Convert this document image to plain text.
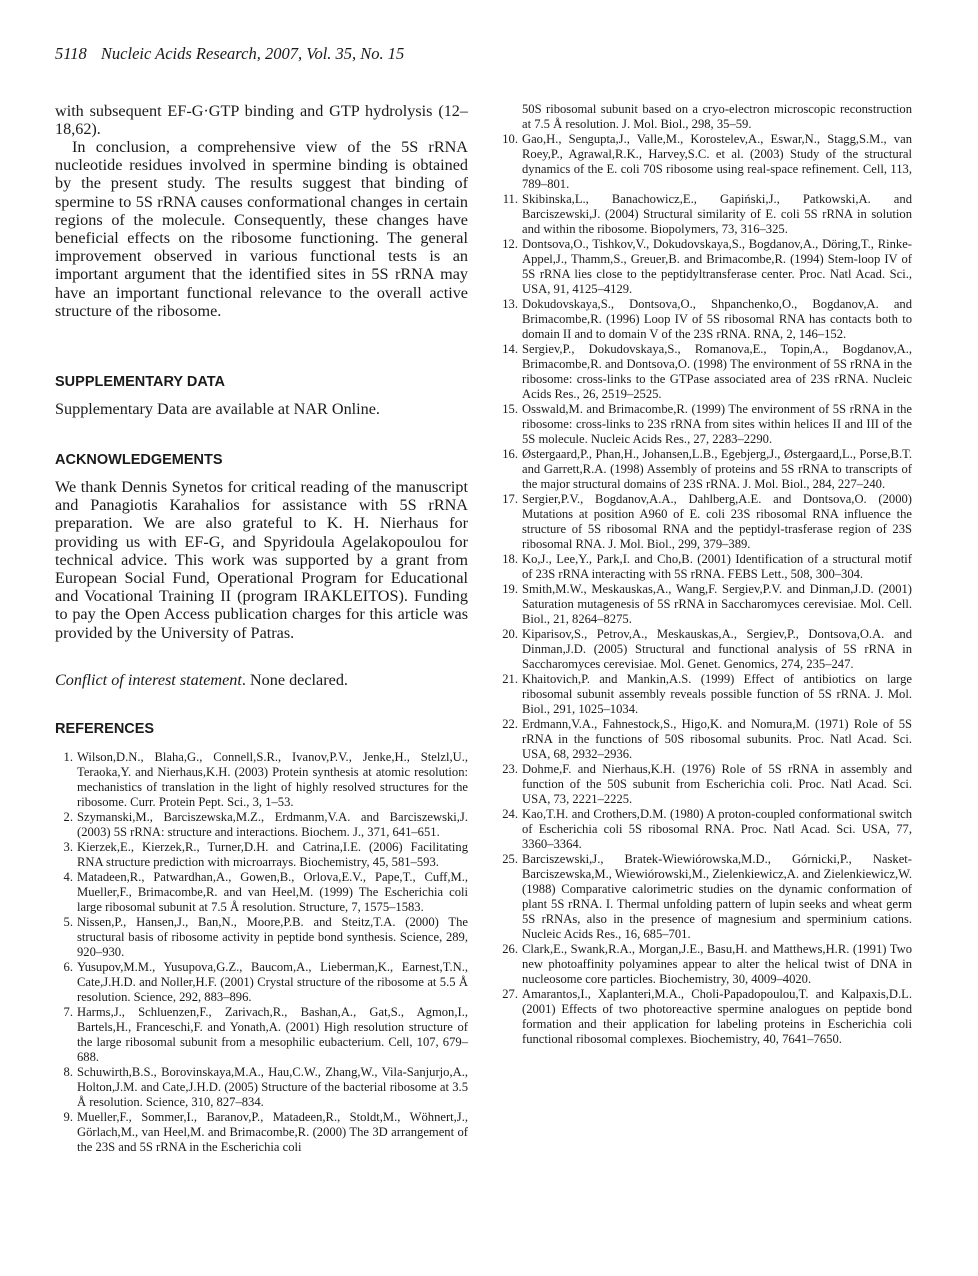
5118 Nucleic Acids Research, 2007, Vol. 35, No. 15

with subsequent EF-G·GTP binding and GTP hydrolysis (12–18,62).

In conclusion, a comprehensive view of the 5S rRNA nucleotide residues involved in spermine binding is obtained by the present study. The results suggest that binding of spermine to 5S rRNA causes conformational changes in certain regions of the molecule. Consequently, these changes have beneficial effects on the ribosome functioning. The general improvement observed in various functional tests is an important argument that the identified sites in 5S rRNA may have an important functional relevance to the overall active structure of the ribosome.

SUPPLEMENTARY DATA

Supplementary Data are available at NAR Online.

ACKNOWLEDGEMENTS

We thank Dennis Synetos for critical reading of the manuscript and Panagiotis Karahalios for assistance with 5S rRNA preparation. We are also grateful to K. H. Nierhaus for providing us with EF-G, and Spyridoula Agelakopoulou for technical advice. This work was supported by a grant from European Social Fund, Operational Program for Educational and Vocational Training II (program IRAKLEITOS). Funding to pay the Open Access publication charges for this article was provided by the University of Patras.

Conflict of interest statement. None declared.

REFERENCES
1. Wilson,D.N., Blaha,G., Connell,S.R., Ivanov,P.V., Jenke,H., Stelzl,U., Teraoka,Y. and Nierhaus,K.H. (2003) Protein synthesis at atomic resolution: mechanistics of translation in the light of highly resolved structures for the ribosome. Curr. Protein Pept. Sci., 3, 1–53.
2. Szymanski,M., Barciszewska,M.Z., Erdmanm,V.A. and Barciszewski,J. (2003) 5S rRNA: structure and interactions. Biochem. J., 371, 641–651.
3. Kierzek,E., Kierzek,R., Turner,D.H. and Catrina,I.E. (2006) Facilitating RNA structure prediction with microarrays. Biochemistry, 45, 581–593.
4. Matadeen,R., Patwardhan,A., Gowen,B., Orlova,E.V., Pape,T., Cuff,M., Mueller,F., Brimacombe,R. and van Heel,M. (1999) The Escherichia coli large ribosomal subunit at 7.5 Å resolution. Structure, 7, 1575–1583.
5. Nissen,P., Hansen,J., Ban,N., Moore,P.B. and Steitz,T.A. (2000) The structural basis of ribosome activity in peptide bond synthesis. Science, 289, 920–930.
6. Yusupov,M.M., Yusupova,G.Z., Baucom,A., Lieberman,K., Earnest,T.N., Cate,J.H.D. and Noller,H.F. (2001) Crystal structure of the ribosome at 5.5 Å resolution. Science, 292, 883–896.
7. Harms,J., Schluenzen,F., Zarivach,R., Bashan,A., Gat,S., Agmon,I., Bartels,H., Franceschi,F. and Yonath,A. (2001) High resolution structure of the large ribosomal subunit from a mesophilic eubacterium. Cell, 107, 679–688.
8. Schuwirth,B.S., Borovinskaya,M.A., Hau,C.W., Zhang,W., Vila-Sanjurjo,A., Holton,J.M. and Cate,J.H.D. (2005) Structure of the bacterial ribosome at 3.5 Å resolution. Science, 310, 827–834.
9. Mueller,F., Sommer,I., Baranov,P., Matadeen,R., Stoldt,M., Wöhnert,J., Görlach,M., van Heel,M. and Brimacombe,R. (2000) The 3D arrangement of the 23S and 5S rRNA in the Escherichia coli
50S ribosomal subunit based on a cryo-electron microscopic reconstruction at 7.5 Å resolution. J. Mol. Biol., 298, 35–59.
10. Gao,H., Sengupta,J., Valle,M., Korostelev,A., Eswar,N., Stagg,S.M., van Roey,P., Agrawal,R.K., Harvey,S.C. et al. (2003) Study of the structural dynamics of the E. coli 70S ribosome using real-space refinement. Cell, 113, 789–801.
11. Skibinska,L., Banachowicz,E., Gapiński,J., Patkowski,A. and Barciszewski,J. (2004) Structural similarity of E. coli 5S rRNA in solution and within the ribosome. Biopolymers, 73, 316–325.
12. Dontsova,O., Tishkov,V., Dokudovskaya,S., Bogdanov,A., Döring,T., Rinke-Appel,J., Thamm,S., Greuer,B. and Brimacombe,R. (1994) Stem-loop IV of 5S rRNA lies close to the peptidyltransferase center. Proc. Natl Acad. Sci., USA, 91, 4125–4129.
13. Dokudovskaya,S., Dontsova,O., Shpanchenko,O., Bogdanov,A. and Brimacombe,R. (1996) Loop IV of 5S ribosomal RNA has contacts both to domain II and to domain V of the 23S rRNA. RNA, 2, 146–152.
14. Sergiev,P., Dokudovskaya,S., Romanova,E., Topin,A., Bogdanov,A., Brimacombe,R. and Dontsova,O. (1998) The environment of 5S rRNA in the ribosome: cross-links to the GTPase associated area of 23S rRNA. Nucleic Acids Res., 26, 2519–2525.
15. Osswald,M. and Brimacombe,R. (1999) The environment of 5S rRNA in the ribosome: cross-links to 23S rRNA from sites within helices II and III of the 5S molecule. Nucleic Acids Res., 27, 2283–2290.
16. Østergaard,P., Phan,H., Johansen,L.B., Egebjerg,J., Østergaard,L., Porse,B.T. and Garrett,R.A. (1998) Assembly of proteins and 5S rRNA to transcripts of the major structural domains of 23S rRNA. J. Mol. Biol., 284, 227–240.
17. Sergier,P.V., Bogdanov,A.A., Dahlberg,A.E. and Dontsova,O. (2000) Mutations at position A960 of E. coli 23S ribosomal RNA influence the structure of 5S ribosomal RNA and the peptidyl-trasferase region of 23S ribosomal RNA. J. Mol. Biol., 299, 379–389.
18. Ko,J., Lee,Y., Park,I. and Cho,B. (2001) Identification of a structural motif of 23S rRNA interacting with 5S rRNA. FEBS Lett., 508, 300–304.
19. Smith,M.W., Meskauskas,A., Wang,F. Sergiev,P.V. and Dinman,J.D. (2001) Saturation mutagenesis of 5S rRNA in Saccharomyces cerevisiae. Mol. Cell. Biol., 21, 8264–8275.
20. Kiparisov,S., Petrov,A., Meskauskas,A., Sergiev,P., Dontsova,O.A. and Dinman,J.D. (2005) Structural and functional analysis of 5S rRNA in Saccharomyces cerevisiae. Mol. Genet. Genomics, 274, 235–247.
21. Khaitovich,P. and Mankin,A.S. (1999) Effect of antibiotics on large ribosomal subunit assembly reveals possible function of 5S rRNA. J. Mol. Biol., 291, 1025–1034.
22. Erdmann,V.A., Fahnestock,S., Higo,K. and Nomura,M. (1971) Role of 5S rRNA in the functions of 50S ribosomal subunits. Proc. Natl Acad. Sci. USA, 68, 2932–2936.
23. Dohme,F. and Nierhaus,K.H. (1976) Role of 5S rRNA in assembly and function of the 50S subunit from Escherichia coli. Proc. Natl Acad. Sci. USA, 73, 2221–2225.
24. Kao,T.H. and Crothers,D.M. (1980) A proton-coupled conformational switch of Escherichia coli 5S ribosomal RNA. Proc. Natl Acad. Sci. USA, 77, 3360–3364.
25. Barciszewski,J., Bratek-Wiewiórowska,M.D., Górnicki,P., Nasket-Barciszewska,M., Wiewiórowski,M., Zielenkiewicz,A. and Zielenkiewicz,W. (1988) Comparative calorimetric studies on the dynamic conformation of plant 5S rRNA. I. Thermal unfolding pattern of lupin seeks and wheat germ 5S rRNAs, also in the presence of magnesium and sperminium cations. Nucleic Acids Res., 16, 685–701.
26. Clark,E., Swank,R.A., Morgan,J.E., Basu,H. and Matthews,H.R. (1991) Two new photoaffinity polyamines appear to alter the helical twist of DNA in nucleosome core particles. Biochemistry, 30, 4009–4020.
27. Amarantos,I., Xaplanteri,M.A., Choli-Papadopoulou,T. and Kalpaxis,D.L. (2001) Effects of two photoreactive spermine analogues on peptide bond formation and their application for labeling proteins in Escherichia coli functional ribosomal complexes. Biochemistry, 40, 7641–7650.
